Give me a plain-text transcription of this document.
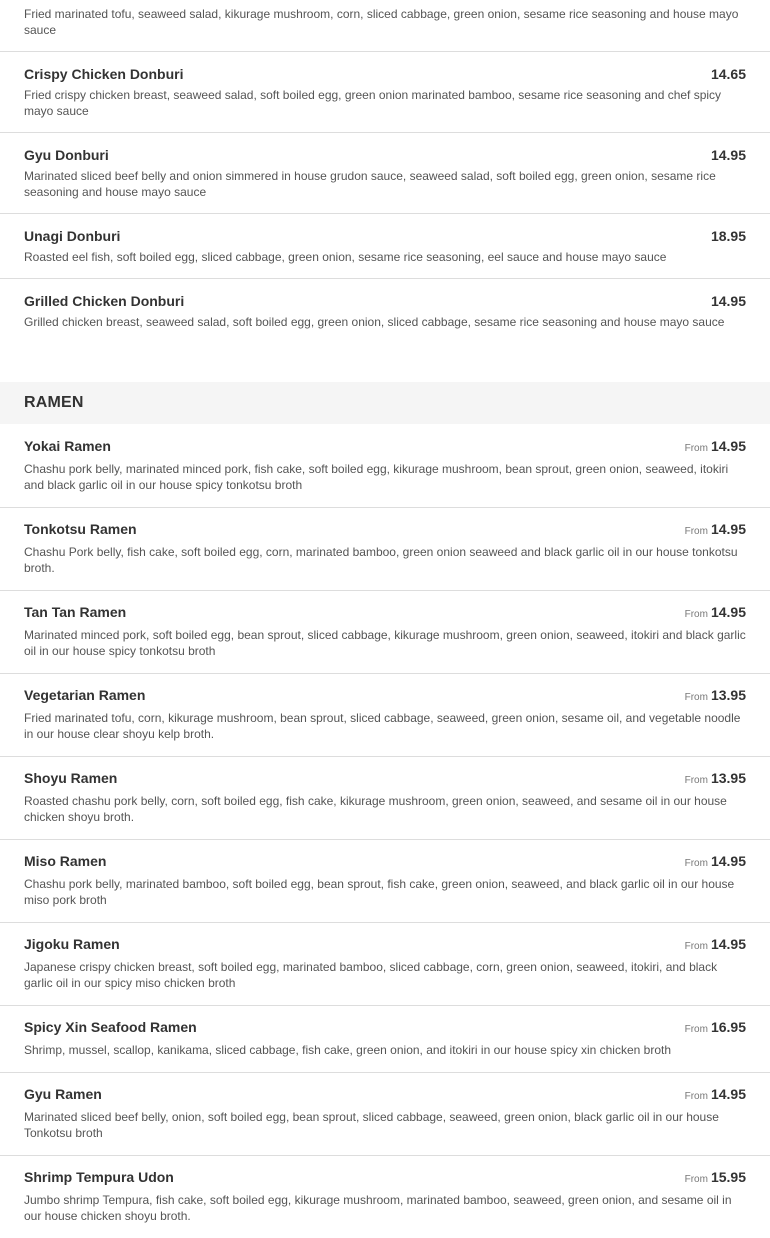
Fried marinated tofu, seaweed salad, kikurage mushroom, corn, sliced cabbage, green onion, sesame rice seasoning and house mayo sauce
Crispy Chicken Donburi	14.65
Fried crispy chicken breast, seaweed salad, soft boiled egg, green onion marinated bamboo, sesame rice seasoning and chef spicy mayo sauce
Gyu Donburi	14.95
Marinated sliced beef belly and onion simmered in house grudon sauce, seaweed salad, soft boiled egg, green onion, sesame rice seasoning and house mayo sauce
Unagi Donburi	18.95
Roasted eel fish, soft boiled egg, sliced cabbage, green onion, sesame rice seasoning, eel sauce and house mayo sauce
Grilled Chicken Donburi	14.95
Grilled chicken breast, seaweed salad, soft boiled egg, green onion, sliced cabbage, sesame rice seasoning and house mayo sauce
RAMEN
Yokai Ramen	From 14.95
Chashu pork belly, marinated minced pork, fish cake, soft boiled egg, kikurage mushroom, bean sprout, green onion, seaweed, itokiri and black garlic oil in our house spicy tonkotsu broth
Tonkotsu Ramen	From 14.95
Chashu Pork belly, fish cake, soft boiled egg, corn, marinated bamboo, green onion seaweed and black garlic oil in our house tonkotsu broth.
Tan Tan Ramen	From 14.95
Marinated minced pork, soft boiled egg, bean sprout, sliced cabbage, kikurage mushroom, green onion, seaweed, itokiri and black garlic oil in our house spicy tonkotsu broth
Vegetarian Ramen	From 13.95
Fried marinated tofu, corn, kikurage mushroom, bean sprout, sliced cabbage, seaweed, green onion, sesame oil, and vegetable noodle in our house clear shoyu kelp broth.
Shoyu Ramen	From 13.95
Roasted chashu pork belly, corn, soft boiled egg, fish cake, kikurage mushroom, green onion, seaweed, and sesame oil in our house chicken shoyu broth.
Miso Ramen	From 14.95
Chashu pork belly, marinated bamboo, soft boiled egg, bean sprout, fish cake, green onion, seaweed, and black garlic oil in our house miso pork broth
Jigoku Ramen	From 14.95
Japanese crispy chicken breast, soft boiled egg, marinated bamboo, sliced cabbage, corn, green onion, seaweed, itokiri, and black garlic oil in our spicy miso chicken broth
Spicy Xin Seafood Ramen	From 16.95
Shrimp, mussel, scallop, kanikama, sliced cabbage, fish cake, green onion, and itokiri in our house spicy xin chicken broth
Gyu Ramen	From 14.95
Marinated sliced beef belly, onion, soft boiled egg, bean sprout, sliced cabbage, seaweed, green onion, black garlic oil in our house Tonkotsu broth
Shrimp Tempura Udon	From 15.95
Jumbo shrimp Tempura, fish cake, soft boiled egg, kikurage mushroom, marinated bamboo, seaweed, green onion, and sesame oil in our house chicken shoyu broth.
